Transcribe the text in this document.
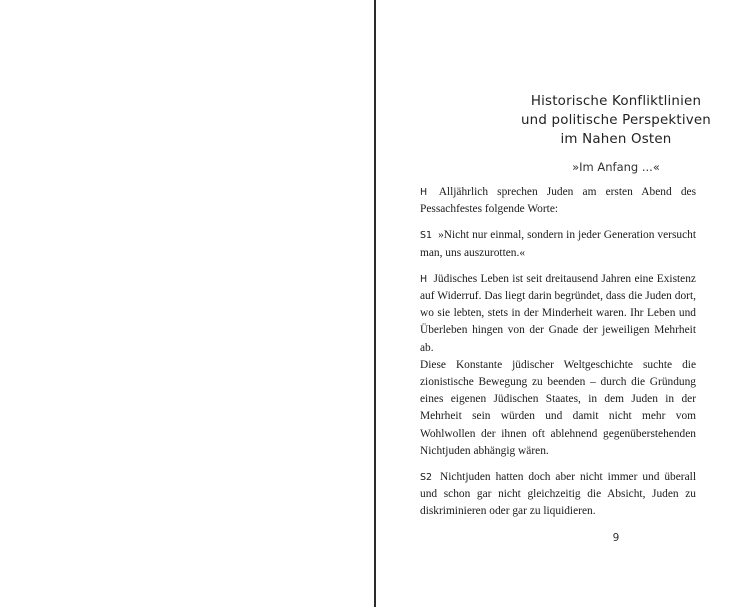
Historische Konfliktlinien
und politische Perspektiven
im Nahen Osten
»Im Anfang ...«

H Alljährlich sprechen Juden am ersten Abend des Pessachfestes folgende Worte:

S1 »Nicht nur einmal, sondern in jeder Generation versucht man, uns auszurotten.«

H Jüdisches Leben ist seit dreitausend Jahren eine Existenz auf Widerruf. Das liegt darin begründet, dass die Juden dort, wo sie lebten, stets in der Minderheit waren. Ihr Leben und Überleben hingen von der Gnade der jeweiligen Mehrheit ab.

Diese Konstante jüdischer Weltgeschichte suchte die zionistische Bewegung zu beenden – durch die Gründung eines eigenen Jüdischen Staates, in dem Juden in der Mehrheit sein würden und damit nicht mehr vom Wohlwollen der ihnen oft ablehnend gegenüberstehenden Nichtjuden abhängig wären.

S2 Nichtjuden hatten doch aber nicht immer und überall und schon gar nicht gleichzeitig die Absicht, Juden zu diskriminieren oder gar zu liquidieren.

9
